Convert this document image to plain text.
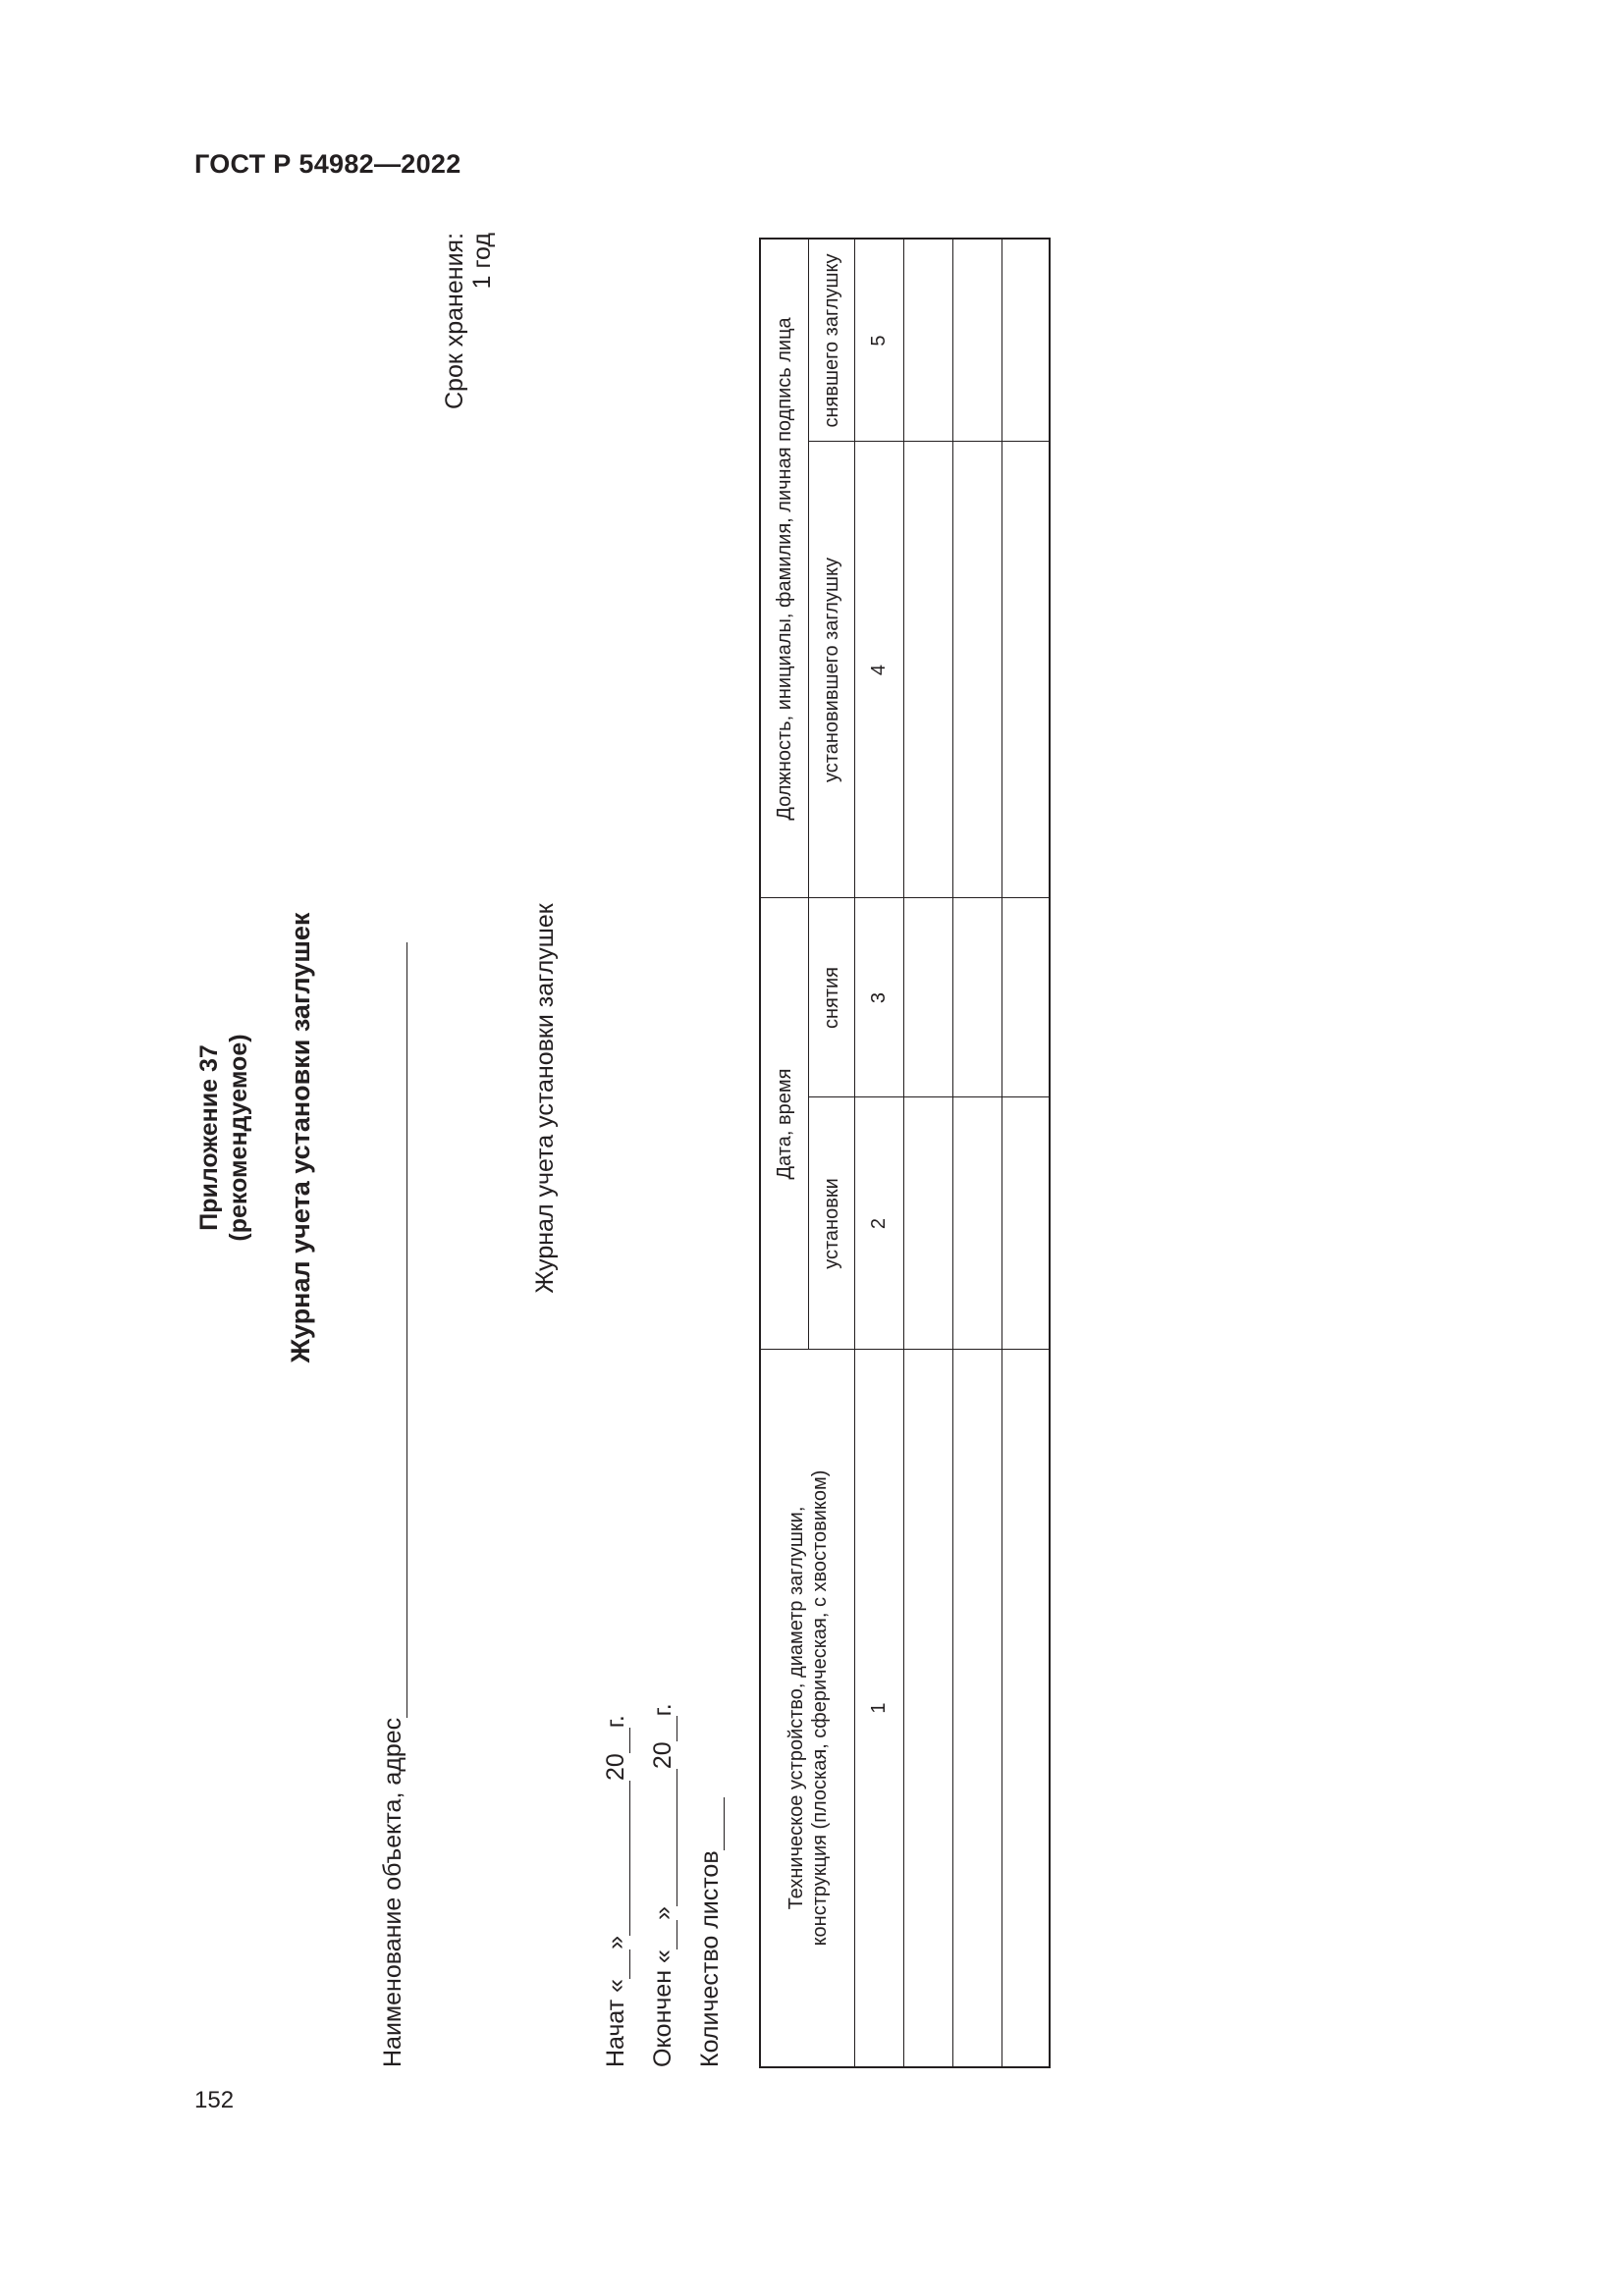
ГОСТ Р 54982—2022
152
Приложение 37 (рекомендуемое) Журнал учета установки заглушек
Срок хранения: 1 год
Наименование объекта, адрес
Журнал учета установки заглушек
Начат «»20г.
Окончен «»20г.
Количество листов
Техническое устройство, диаметр заглушки, конструкция (плоская, сферическая, с хвостовиком)
Дата, время
Должность, инициалы, фамилия, личная подпись лица
установки
снятия
установившего заглушку
снявшего заглушку
1
2
3
4
5
